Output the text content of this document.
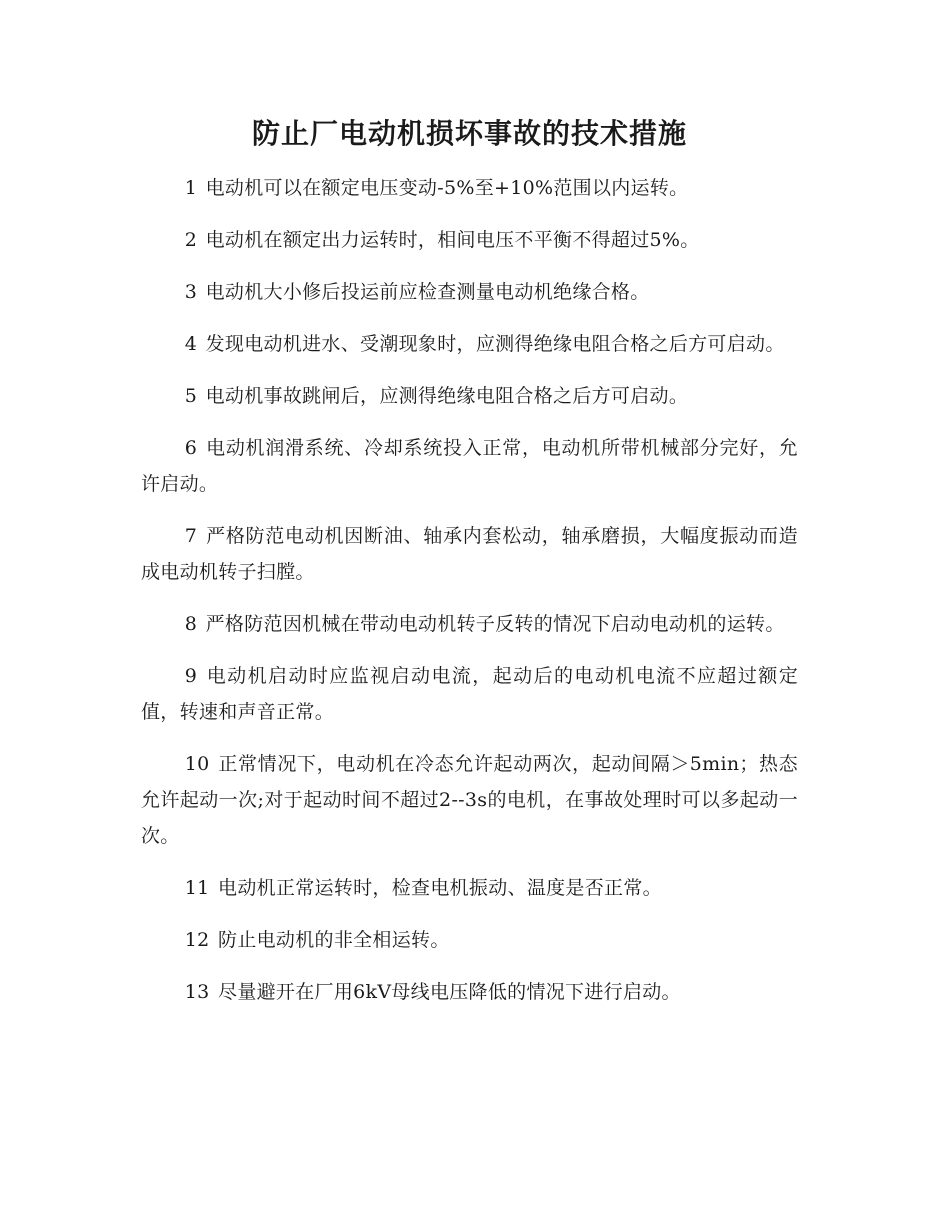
防止厂电动机损坏事故的技术措施
1 电动机可以在额定电压变动-5%至+10%范围以内运转。
2 电动机在额定出力运转时，相间电压不平衡不得超过5%。
3 电动机大小修后投运前应检查测量电动机绝缘合格。
4 发现电动机进水、受潮现象时，应测得绝缘电阻合格之后方可启动。
5 电动机事故跳闸后，应测得绝缘电阻合格之后方可启动。
6 电动机润滑系统、冷却系统投入正常，电动机所带机械部分完好，允许启动。
7 严格防范电动机因断油、轴承内套松动，轴承磨损，大幅度振动而造成电动机转子扫膛。
8 严格防范因机械在带动电动机转子反转的情况下启动电动机的运转。
9 电动机启动时应监视启动电流，起动后的电动机电流不应超过额定值，转速和声音正常。
10 正常情况下，电动机在冷态允许起动两次，起动间隔＞5min；热态允许起动一次;对于起动时间不超过2--3s的电机，在事故处理时可以多起动一次。
11 电动机正常运转时，检查电机振动、温度是否正常。
12 防止电动机的非全相运转。
13 尽量避开在厂用6kV母线电压降低的情况下进行启动。
